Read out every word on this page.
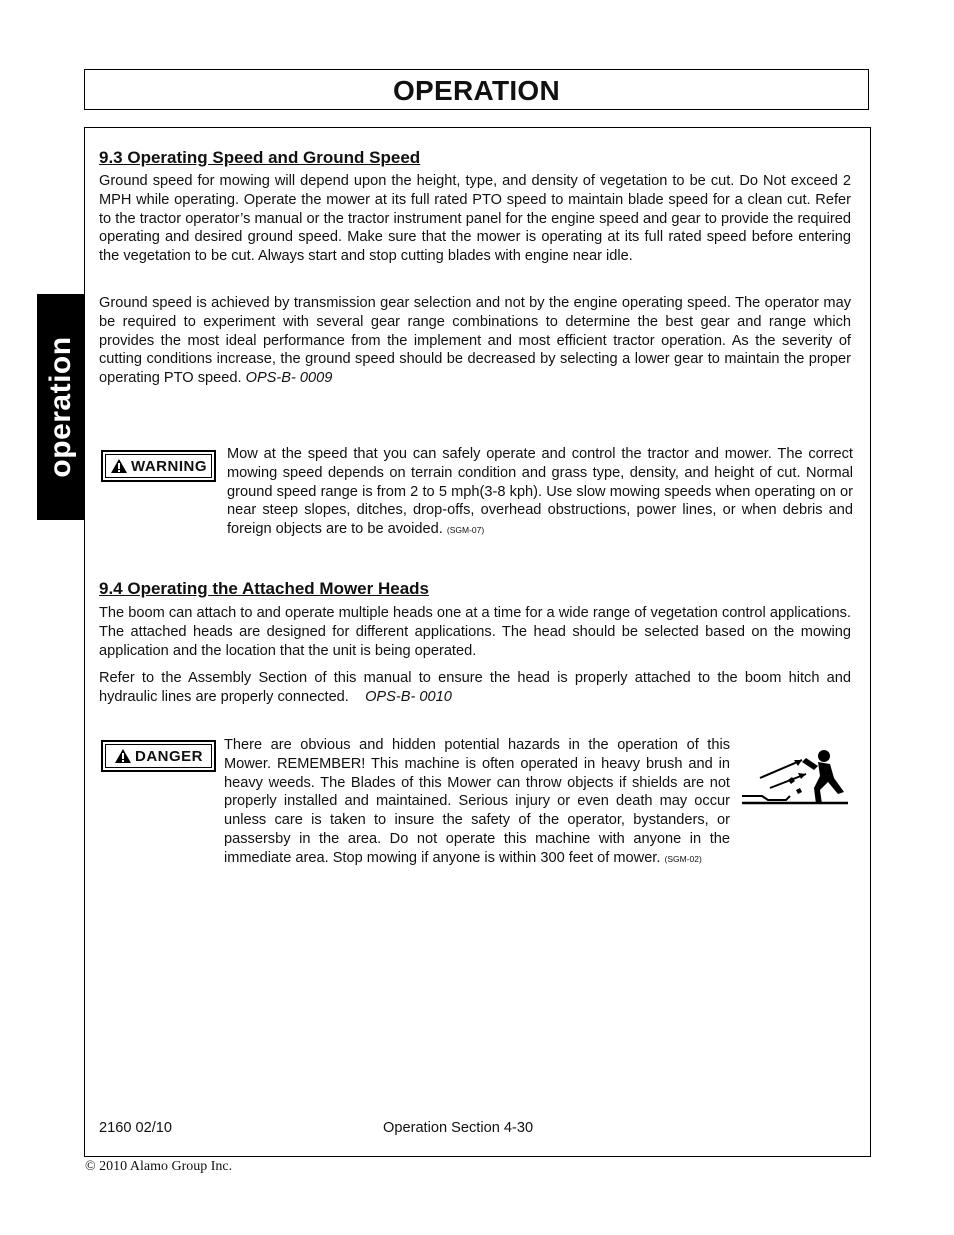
OPERATION
operation
9.3 Operating Speed and Ground Speed
Ground speed for mowing will depend upon the height, type, and density of vegetation to be cut. Do Not exceed 2 MPH while operating. Operate the mower at its full rated PTO speed to maintain blade speed for a clean cut. Refer to the tractor operator’s manual or the tractor instrument panel for the engine speed and gear to provide the required operating and desired ground speed. Make sure that the mower is operating at its full rated speed before entering the vegetation to be cut. Always start and stop cutting blades with engine near idle.
Ground speed is achieved by transmission gear selection and not by the engine operating speed. The operator may be required to experiment with several gear range combinations to determine the best gear and range which provides the most ideal performance from the implement and most efficient tractor operation. As the severity of cutting conditions increase, the ground speed should be decreased by selecting a lower gear to maintain the proper operating PTO speed. OPS-B- 0009
WARNING
Mow at the speed that you can safely operate and control the tractor and mower. The correct mowing speed depends on terrain condition and grass type, density, and height of cut. Normal ground speed range is from 2 to 5 mph(3-8 kph). Use slow mowing speeds when operating on or near steep slopes, ditches, drop-offs, overhead obstructions, power lines, or when debris and foreign objects are to be avoided. (SGM-07)
9.4 Operating the Attached Mower Heads
The boom can attach to and operate multiple heads one at a time for a wide range of vegetation control applications. The attached heads are designed for different applications. The head should be selected based on the mowing application and the location that the unit is being operated.
Refer to the Assembly Section of this manual to ensure the head is properly attached to the boom hitch and hydraulic lines are properly connected. OPS-B- 0010
DANGER
There are obvious and hidden potential hazards in the operation of this Mower. REMEMBER! This machine is often operated in heavy brush and in heavy weeds. The Blades of this Mower can throw objects if shields are not properly installed and maintained. Serious injury or even death may occur unless care is taken to insure the safety of the operator, bystanders, or passersby in the area. Do not operate this machine with anyone in the immediate area. Stop mowing if anyone is within 300 feet of mower. (SGM-02)
2160 02/10	Operation Section 4-30
© 2010 Alamo Group Inc.
